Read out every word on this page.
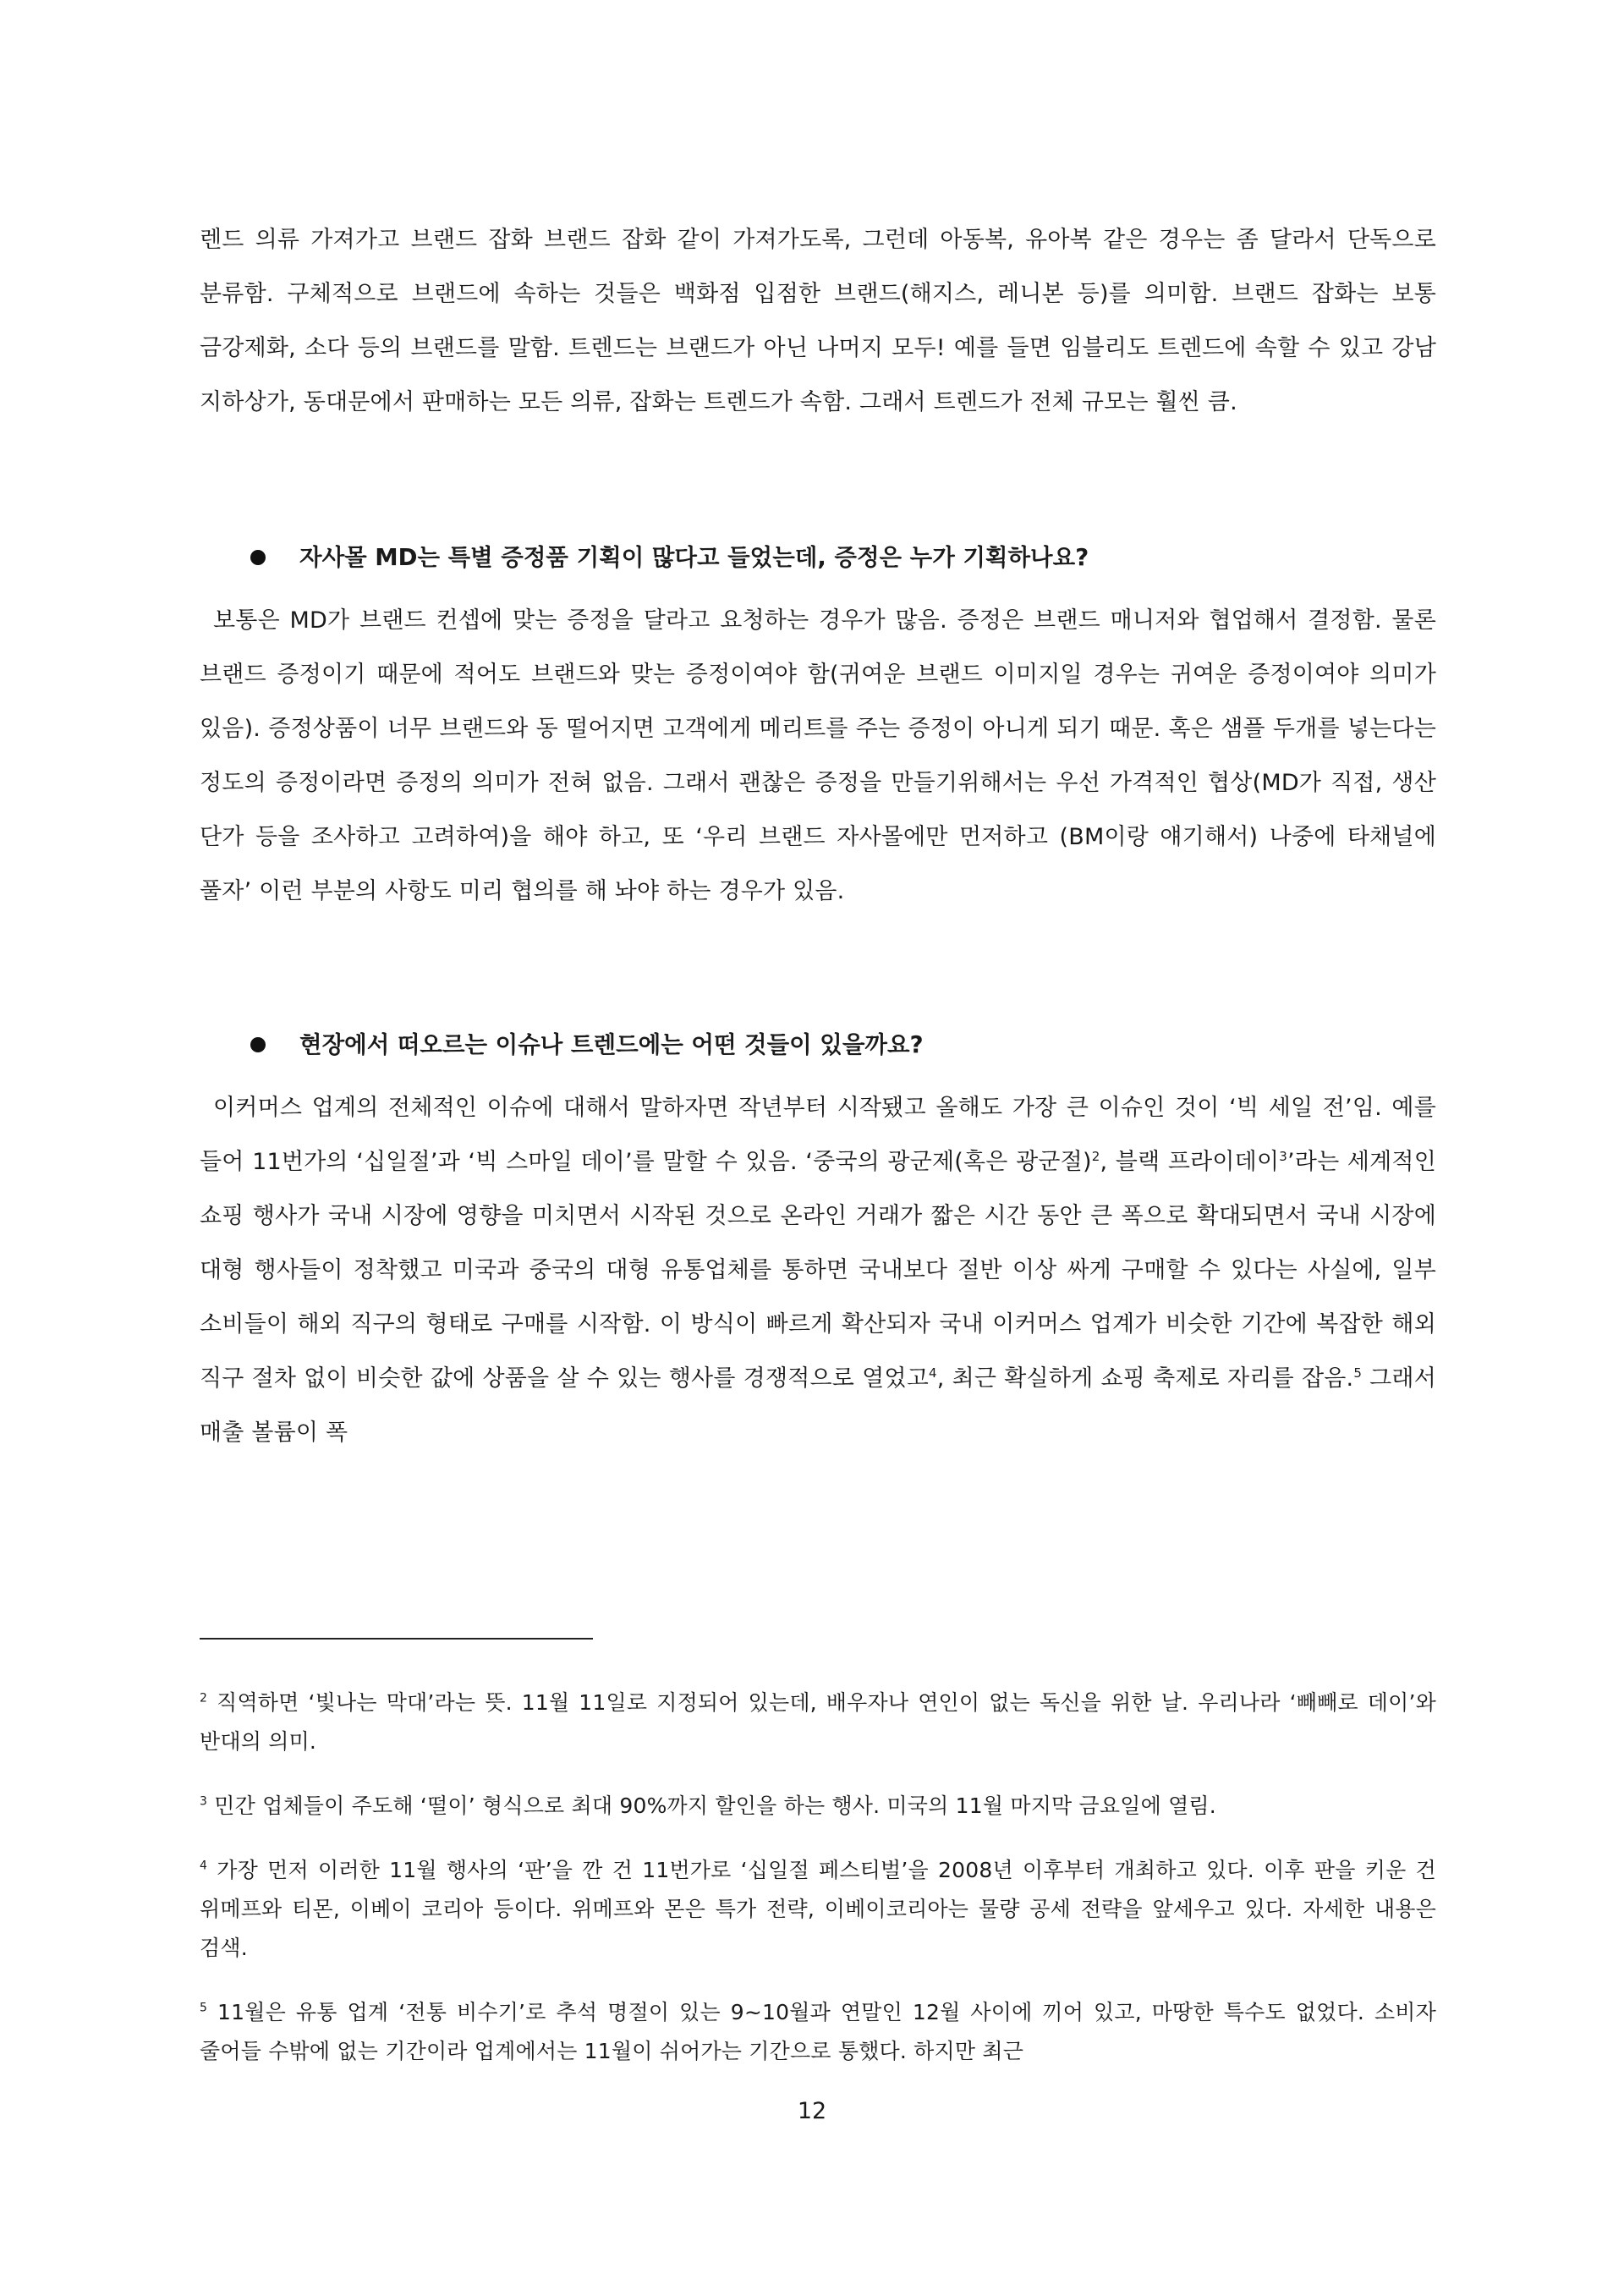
렌드 의류 가져가고 브랜드 잡화 브랜드 잡화 같이 가져가도록, 그런데 아동복, 유아복 같은 경우는 좀 달라서 단독으로 분류함. 구체적으로 브랜드에 속하는 것들은 백화점 입점한 브랜드(해지스, 레니본 등)를 의미함. 브랜드 잡화는 보통 금강제화, 소다 등의 브랜드를 말함. 트렌드는 브랜드가 아닌 나머지 모두! 예를 들면 임블리도 트렌드에 속할 수 있고 강남 지하상가, 동대문에서 판매하는 모든 의류, 잡화는 트렌드가 속함. 그래서 트렌드가 전체 규모는 훨씬 큼.

자사몰 MD는 특별 증정품 기획이 많다고 들었는데, 증정은 누가 기획하나요?

보통은 MD가 브랜드 컨셉에 맞는 증정을 달라고 요청하는 경우가 많음. 증정은 브랜드 매니저와 협업해서 결정함. 물론 브랜드 증정이기 때문에 적어도 브랜드와 맞는 증정이여야 함(귀여운 브랜드 이미지일 경우는 귀여운 증정이여야 의미가 있음). 증정상품이 너무 브랜드와 동 떨어지면 고객에게 메리트를 주는 증정이 아니게 되기 때문. 혹은 샘플 두개를 넣는다는 정도의 증정이라면 증정의 의미가 전혀 없음. 그래서 괜찮은 증정을 만들기위해서는 우선 가격적인 협상(MD가 직접, 생산 단가 등을 조사하고 고려하여)을 해야 하고, 또 ‘우리 브랜드 자사몰에만 먼저하고 (BM이랑 얘기해서) 나중에 타채널에 풀자’ 이런 부분의 사항도 미리 협의를 해 놔야 하는 경우가 있음.

현장에서 떠오르는 이슈나 트렌드에는 어떤 것들이 있을까요?

이커머스 업계의 전체적인 이슈에 대해서 말하자면 작년부터 시작됐고 올해도 가장 큰 이슈인 것이 ‘빅 세일 전’임. 예를 들어 11번가의 ‘십일절’과 ‘빅 스마일 데이’를 말할 수 있음. ‘중국의 광군제(혹은 광군절)$^2$, 블랙 프라이데이$^3$’라는 세계적인 쇼핑 행사가 국내 시장에 영향을 미치면서 시작된 것으로 온라인 거래가 짧은 시간 동안 큰 폭으로 확대되면서 국내 시장에 대형 행사들이 정착했고 미국과 중국의 대형 유통업체를 통하면 국내보다 절반 이상 싸게 구매할 수 있다는 사실에, 일부 소비들이 해외 직구의 형태로 구매를 시작함. 이 방식이 빠르게 확산되자 국내 이커머스 업계가 비슷한 기간에 복잡한 해외 직구 절차 없이 비슷한 값에 상품을 살 수 있는 행사를 경쟁적으로 열었고$^4$, 최근 확실하게 쇼핑 축제로 자리를 잡음.$^5$ 그래서 매출 볼륨이 폭

$^2$ 직역하면 ‘빛나는 막대’라는 뜻. 11월 11일로 지정되어 있는데, 배우자나 연인이 없는 독신을 위한 날. 우리나라 ‘빼빼로 데이’와 반대의 의미.

$^3$ 민간 업체들이 주도해 ‘떨이’ 형식으로 최대 90%까지 할인을 하는 행사. 미국의 11월 마지막 금요일에 열림.

$^4$ 가장 먼저 이러한 11월 행사의 ‘판’을 깐 건 11번가로 ‘십일절 페스티벌’을 2008년 이후부터 개최하고 있다. 이후 판을 키운 건 위메프와 티몬, 이베이 코리아 등이다. 위메프와 몬은 특가 전략, 이베이코리아는 물량 공세 전략을 앞세우고 있다. 자세한 내용은 검색.

$^5$ 11월은 유통 업계 ‘전통 비수기’로 추석 명절이 있는 9~10월과 연말인 12월 사이에 끼어 있고, 마땅한 특수도 없었다. 소비자 줄어들 수밖에 없는 기간이라 업계에서는 11월이 쉬어가는 기간으로 통했다. 하지만 최근

12
